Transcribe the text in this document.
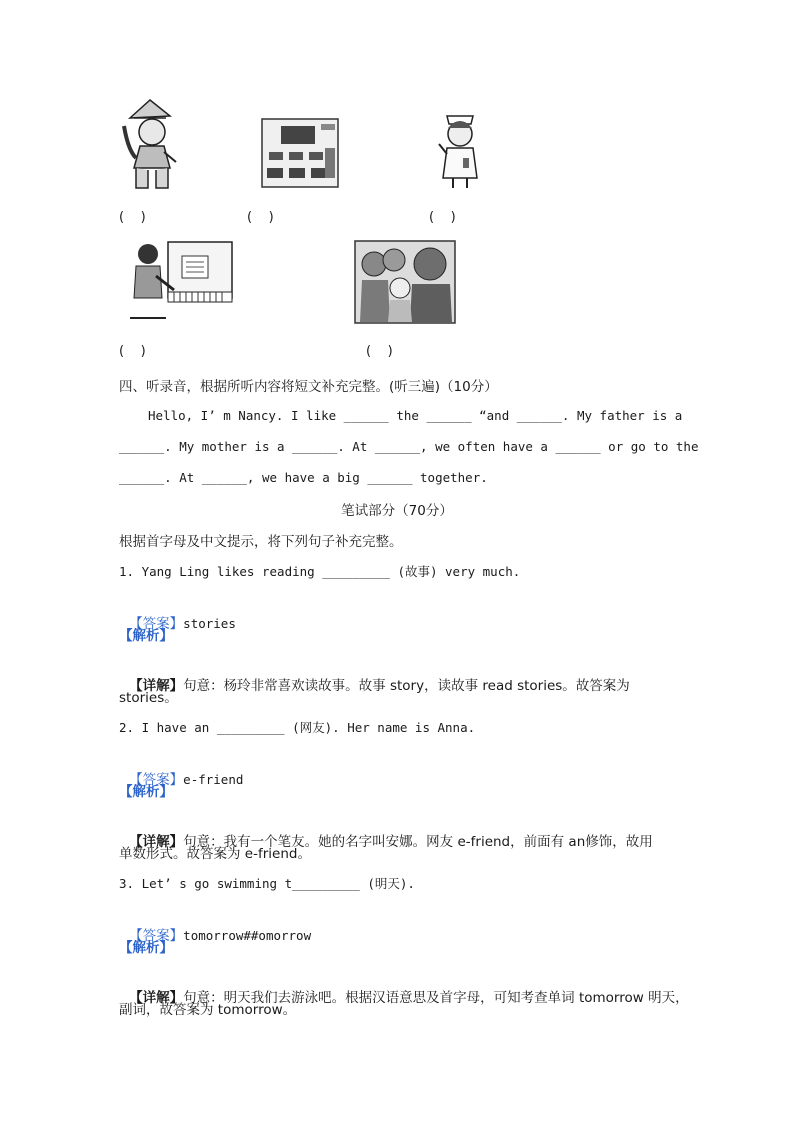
(    )	(    )	(    )
(    )	(    )
四、听录音，根据所听内容将短文补充完整。(听三遍)（10分）
Hello, I’ m Nancy. I like ______ the ______ “and ______. My father is a
______. My mother is a ______. At ______, we often have a ______ or go to the
______. At ______, we have a big ______ together.
笔试部分（70分）
根据首字母及中文提示，将下列句子补充完整。
1. Yang Ling likes reading _________ (故事) very much.

【答案】stories

【解析】

【详解】句意：杨玲非常喜欢读故事。故事 story，读故事 read stories。故答案为

stories。
2. I have an _________ (网友). Her name is Anna.

【答案】e-friend

【解析】

【详解】句意：我有一个笔友。她的名字叫安娜。网友 e-friend，前面有 an修饰，故用

单数形式。故答案为 e-friend。
3. Let’ s go swimming t_________ (明天).

【答案】tomorrow##omorrow

【解析】

【详解】句意：明天我们去游泳吧。根据汉语意思及首字母，可知考查单词 tomorrow 明天，

副词，故答案为 tomorrow。
